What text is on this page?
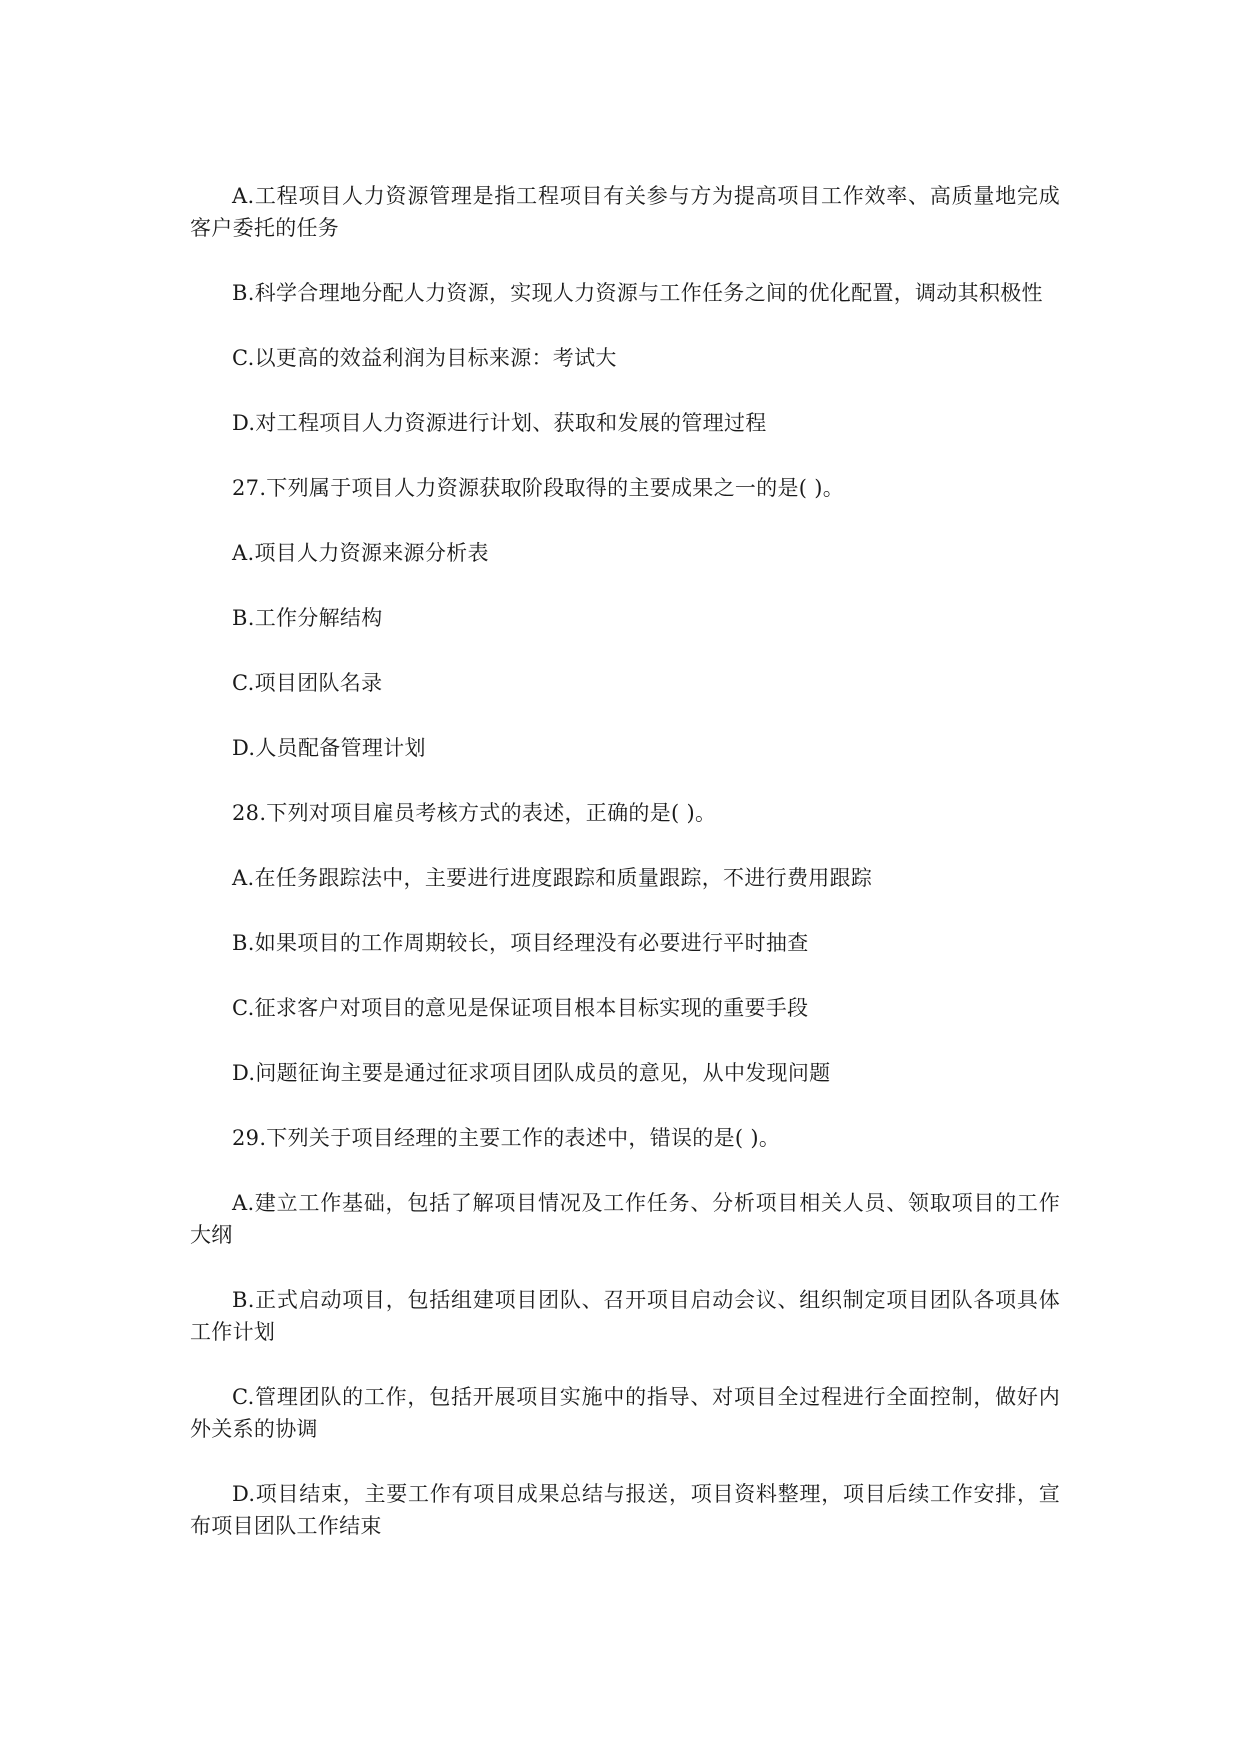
A.工程项目人力资源管理是指工程项目有关参与方为提高项目工作效率、高质量地完成客户委托的任务

B.科学合理地分配人力资源，实现人力资源与工作任务之间的优化配置，调动其积极性

C.以更高的效益利润为目标来源：考试大

D.对工程项目人力资源进行计划、获取和发展的管理过程

27.下列属于项目人力资源获取阶段取得的主要成果之一的是( )。

A.项目人力资源来源分析表

B.工作分解结构

C.项目团队名录

D.人员配备管理计划

28.下列对项目雇员考核方式的表述，正确的是( )。

A.在任务跟踪法中，主要进行进度跟踪和质量跟踪，不进行费用跟踪

B.如果项目的工作周期较长，项目经理没有必要进行平时抽查

C.征求客户对项目的意见是保证项目根本目标实现的重要手段

D.问题征询主要是通过征求项目团队成员的意见，从中发现问题

29.下列关于项目经理的主要工作的表述中，错误的是( )。

A.建立工作基础，包括了解项目情况及工作任务、分析项目相关人员、领取项目的工作大纲

B.正式启动项目，包括组建项目团队、召开项目启动会议、组织制定项目团队各项具体工作计划

C.管理团队的工作，包括开展项目实施中的指导、对项目全过程进行全面控制，做好内外关系的协调

D.项目结束，主要工作有项目成果总结与报送，项目资料整理，项目后续工作安排，宣布项目团队工作结束
